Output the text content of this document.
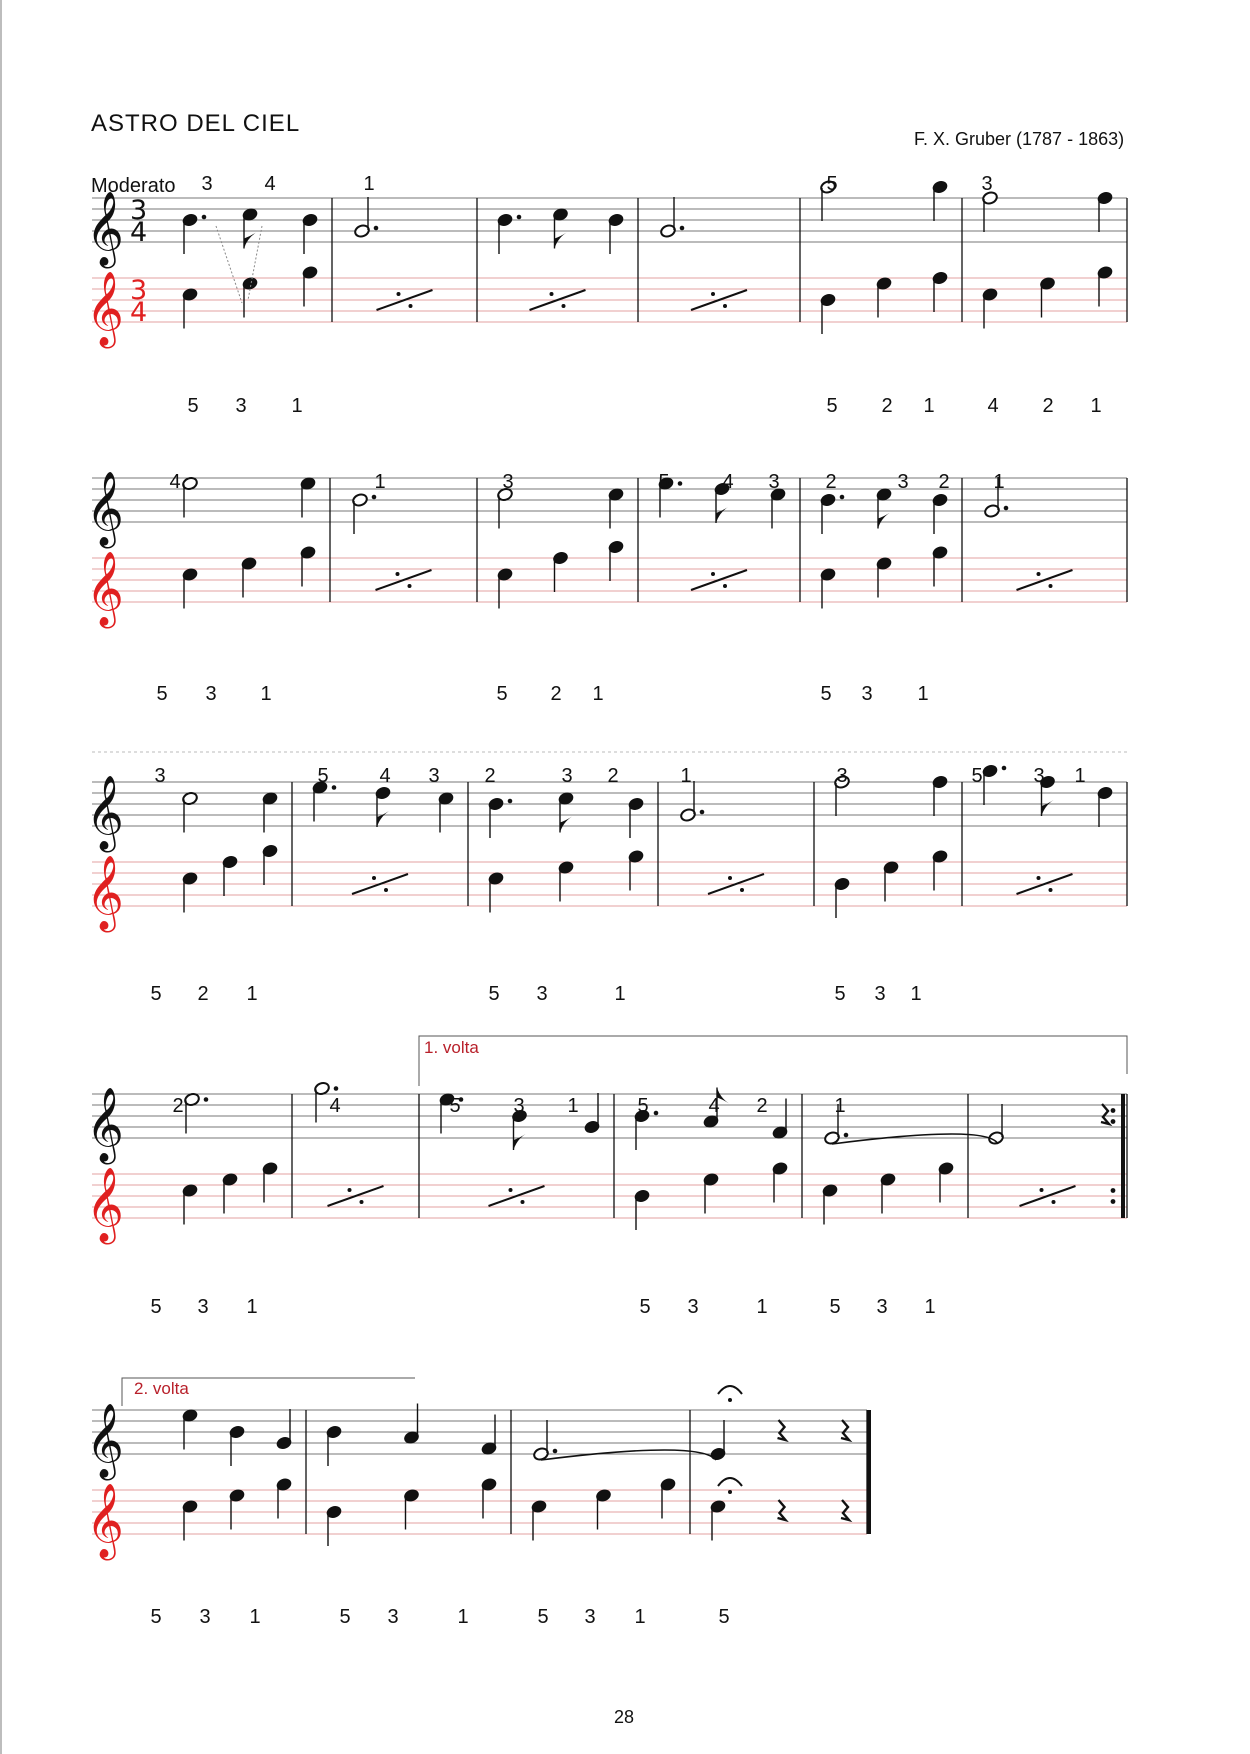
ASTRO DEL CIEL
F. X. Gruber (1787 - 1863)
Moderato
𝄞
𝄞
3
4
3
4
3	4	1	5	3
5 3 1	5 2 1	4 2 1
𝄞
𝄞
4	1	3	5	4 3 2	3 2 1
5 3 1	5 2 1	5 3 1
𝄞
𝄞
3	5	4 3 2	3 2	1	3	5	3 1
5 2 1	5 3	1	5 3 1
𝄞
𝄞
2	4	5	3 1	5	4 2	1
5 3 1	5 3	1	5 3 1
1. volta
𝄞
𝄞
5 3 1	5 3	1	5 3 1	5
2. volta
28
